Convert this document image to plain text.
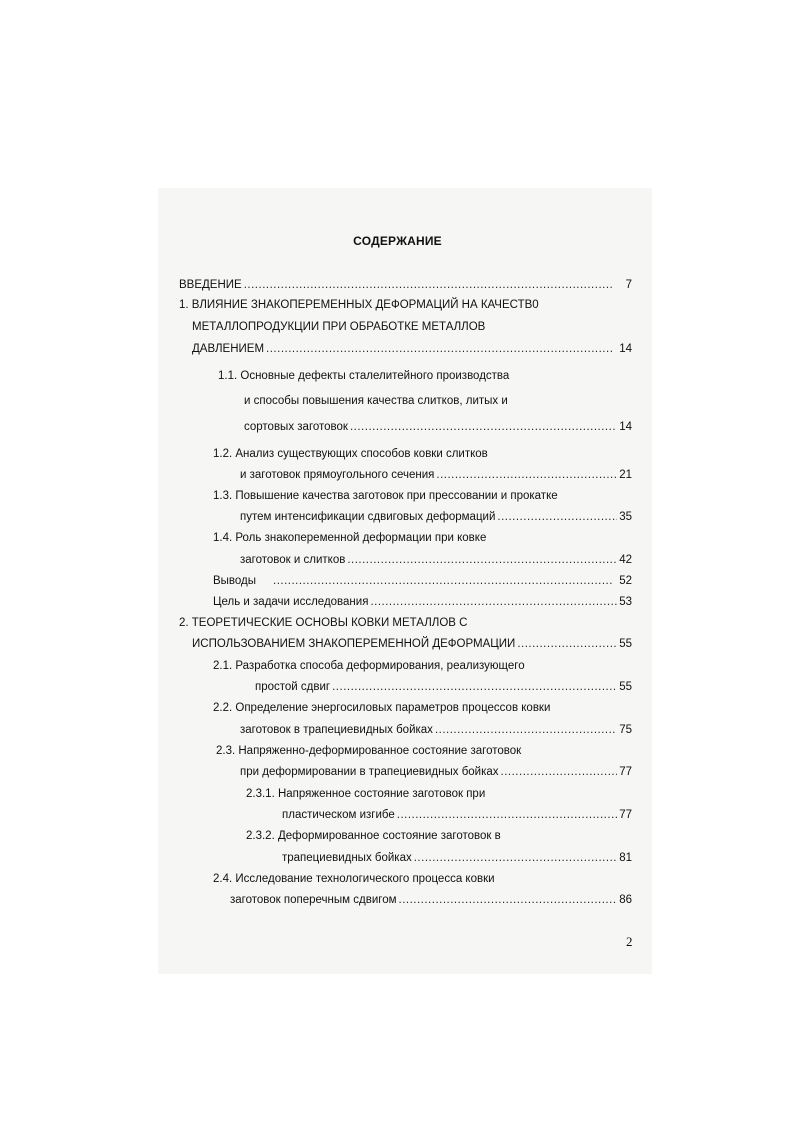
СОДЕРЖАНИЕ
ВВЕДЕНИЕ .....	7
1. ВЛИЯНИЕ ЗНАКОПЕРЕМЕННЫХ ДЕФОРМАЦИЙ НА КАЧЕСТВ0
МЕТАЛЛОПРОДУКЦИИ ПРИ ОБРАБОТКЕ МЕТАЛЛОВ
ДАВЛЕНИЕМ .....	14
1.1. Основные дефекты сталелитейного производства
и способы повышения качества слитков, литых и
сортовых заготовок .....	14
1.2. Анализ существующих способов ковки слитков
и заготовок прямоугольного сечения .....	21
1.3. Повышение качества заготовок при прессовании и прокатке
путем интенсификации сдвиговых деформаций .....	35
1.4. Роль знакопеременной деформации при ковке
заготовок и слитков .....	42
Выводы .....	52
Цель и задачи исследования .....	53
2. ТЕОРЕТИЧЕСКИЕ ОСНОВЫ КОВКИ МЕТАЛЛОВ С
ИСПОЛЬЗОВАНИЕМ ЗНАКОПЕРЕМЕННОЙ ДЕФОРМАЦИИ .....	55
2.1. Разработка способа деформирования, реализующего
простой сдвиг .....	55
2.2. Определение энергосиловых параметров процессов ковки
заготовок в трапециевидных бойках .....	75
2.3. Напряженно-деформированное состояние заготовок
при деформировании в трапециевидных бойках .....	77
2.3.1. Напряженное состояние заготовок при
пластическом изгибе .....	77
2.3.2. Деформированное состояние заготовок в
трапециевидных бойках .....	81
2.4. Исследование технологического процесса ковки
заготовок поперечным сдвигом .....	86
2
